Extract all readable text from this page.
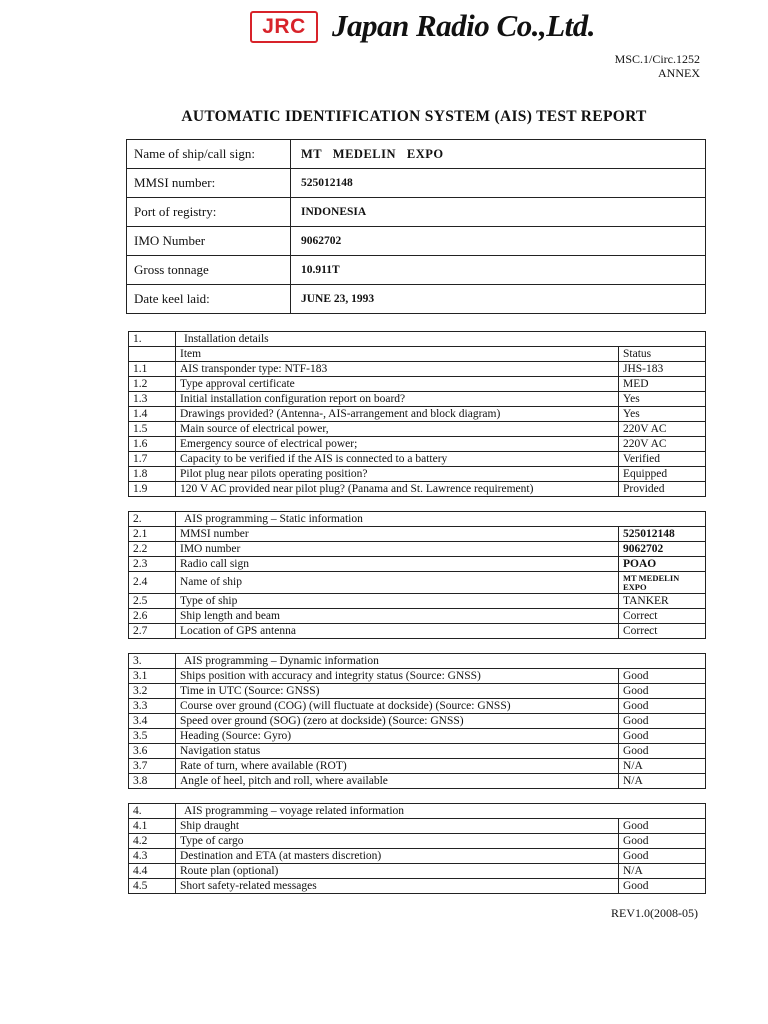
JRC Japan Radio Co.,Ltd.
MSC.1/Circ.1252
ANNEX
AUTOMATIC IDENTIFICATION SYSTEM (AIS) TEST REPORT
Name of ship/call sign:	MT   MEDELIN   EXPO
MMSI number:	525012148
Port of registry:	INDONESIA
IMO Number	9062702
Gross tonnage	10.911T
Date keel laid:	JUNE 23, 1993
1.	Installation details	
	Item	Status
1.1	AIS transponder type: NTF-183	JHS-183
1.2	Type approval certificate	MED
1.3	Initial installation configuration report on board?	Yes
1.4	Drawings provided? (Antenna-, AIS-arrangement and block diagram)	Yes
1.5	Main source of electrical power,	220V AC
1.6	Emergency source of electrical power;	220V AC
1.7	Capacity to be verified if the AIS is connected to a battery	Verified
1.8	Pilot plug near pilots operating position?	Equipped
1.9	120 V AC provided near pilot plug? (Panama and St. Lawrence requirement)	Provided
2.	AIS programming – Static information	
2.1	MMSI number	525012148
2.2	IMO number	9062702
2.3	Radio call sign	POAO
2.4	Name of ship	MT MEDELIN EXPO
2.5	Type of ship	TANKER
2.6	Ship length and beam	Correct
2.7	Location of GPS antenna	Correct
3.	AIS programming – Dynamic information	
3.1	Ships position with accuracy and integrity status (Source: GNSS)	Good
3.2	Time in UTC (Source: GNSS)	Good
3.3	Course over ground (COG) (will fluctuate at dockside) (Source: GNSS)	Good
3.4	Speed over ground (SOG) (zero at dockside) (Source: GNSS)	Good
3.5	Heading (Source: Gyro)	Good
3.6	Navigation status	Good
3.7	Rate of turn, where available (ROT)	N/A
3.8	Angle of heel, pitch and roll, where available	N/A
4.	AIS programming – voyage related information	
4.1	Ship draught	Good
4.2	Type of cargo	Good
4.3	Destination and ETA (at masters discretion)	Good
4.4	Route plan (optional)	N/A
4.5	Short safety-related messages	Good
REV1.0(2008-05)
